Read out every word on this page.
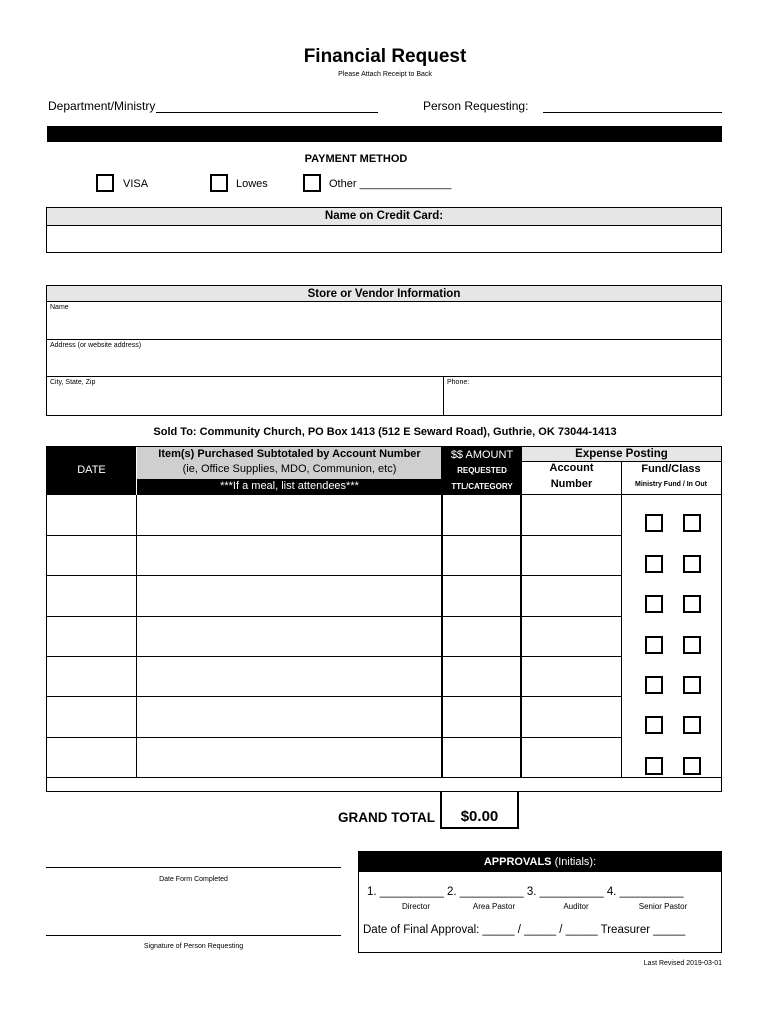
Financial Request
Please Attach Receipt to Back
Department/Ministry	Person Requesting:
PAYMENT METHOD
VISA	Lowes	Other _______________
Name on Credit Card:
Store or Vendor Information
Name
Address (or website address)
City, State, Zip	Phone:
Sold To: Community Church, PO Box 1413 (512 E Seward Road), Guthrie, OK 73044-1413
DATE
Item(s) Purchased Subtotaled by Account Number
(ie, Office Supplies, MDO, Communion, etc)
***If a meal, list attendees***
$$ AMOUNT
REQUESTED
TTL/CATEGORY
Expense Posting
Account
Number
Fund/Class
Ministry Fund / In Out
GRAND TOTAL	$0.00
Date Form Completed
Signature of Person Requesting
APPROVALS (Initials):
1. __________ 2. __________ 3. __________ 4. __________
Director	Area Pastor	Auditor	Senior Pastor
Date of Final Approval: _____ / _____ / _____ Treasurer _____
Last Revised 2019-03-01
